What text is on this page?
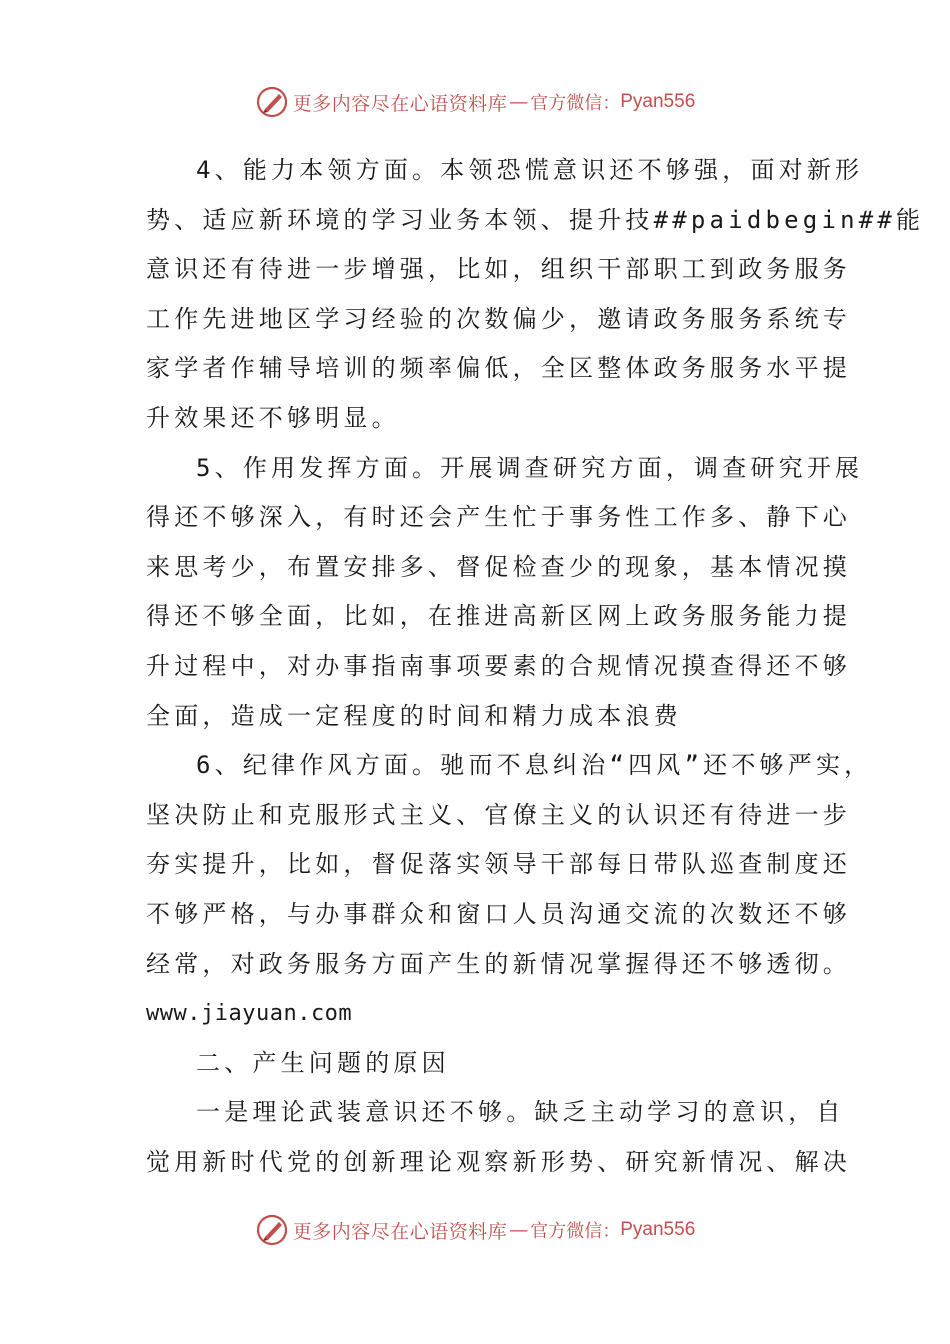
更多内容尽在心语资料库 — 官方微信： Pyan556
4、能力本领方面。本领恐慌意识还不够强，面对新形
势、适应新环境的学习业务本领、提升技##paidbegin##能
意识还有待进一步增强，比如，组织干部职工到政务服务
工作先进地区学习经验的次数偏少，邀请政务服务系统专
家学者作辅导培训的频率偏低，全区整体政务服务水平提
升效果还不够明显。
5、作用发挥方面。开展调查研究方面，调查研究开展
得还不够深入，有时还会产生忙于事务性工作多、静下心
来思考少，布置安排多、督促检查少的现象，基本情况摸
得还不够全面，比如，在推进高新区网上政务服务能力提
升过程中，对办事指南事项要素的合规情况摸查得还不够
全面，造成一定程度的时间和精力成本浪费
6、纪律作风方面。驰而不息纠治“四风”还不够严实，
坚决防止和克服形式主义、官僚主义的认识还有待进一步
夯实提升，比如，督促落实领导干部每日带队巡查制度还
不够严格，与办事群众和窗口人员沟通交流的次数还不够
经常，对政务服务方面产生的新情况掌握得还不够透彻。
www.jiayuan.com
二、产生问题的原因
一是理论武装意识还不够。缺乏主动学习的意识，自
觉用新时代党的创新理论观察新形势、研究新情况、解决
更多内容尽在心语资料库 — 官方微信： Pyan556
